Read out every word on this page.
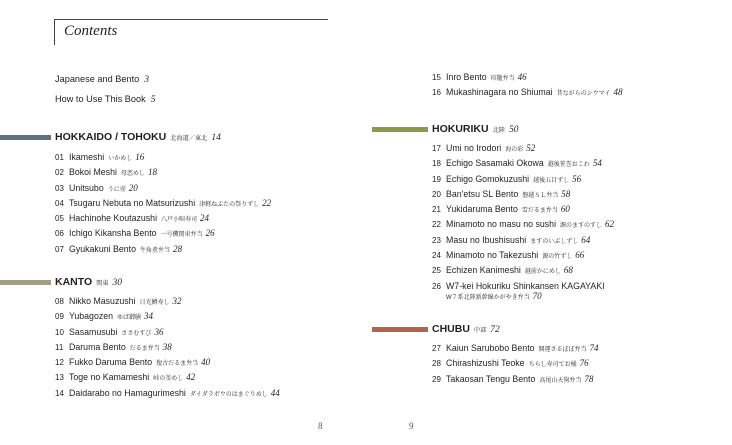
Contents
Japanese and Bento 3
How to Use This Book 5
HOKKAIDO / TOHOKU 北海道／東北 14
01 Ikameshi いかめし 16
02 Bokoi Meshi 母恋めし 18
03 Unitsubo うに壺 20
04 Tsugaru Nebuta no Matsurizushi 津軽ねぶたの祭りずし 22
05 Hachinohe Koutazushi 八戸小唄寿司 24
06 Ichigo Kikansha Bento 一号機関車弁当 26
07 Gyukakuni Bento 牛角煮弁当 28
KANTO 関東 30
08 Nikko Masuzushi 日光鱒寿し 32
09 Yubagozen ゆば御膳 34
10 Sasamusubi ささむすび 36
11 Daruma Bento だるま弁当 38
12 Fukko Daruma Bento 復古だるま弁当 40
13 Toge no Kamameshi 峠の釜めし 42
14 Daidarabo no Hamagurimeshi ダイダラボウのはまぐりめし 44
15 Inro Bento 印籠弁当 46
16 Mukashinagara no Shiumai 昔ながらのシウマイ 48
HOKURIKU 北陸 50
17 Umi no Irodori 海の彩 52
18 Echigo Sasamaki Okowa 越後笹巻おこわ 54
19 Echigo Gomokuzushi 越後五目ずし 56
20 Ban'etsu SL Bento 磐越ＳＬ弁当 58
21 Yukidaruma Bento 雪だるま弁当 60
22 Minamoto no masu no sushi 源のますのすし 62
23 Masu no Ibushisushi ますのいぶしずし 64
24 Minamoto no Takezushi 源の竹ずし 66
25 Echizen Kanimeshi 越前かにめし 68
26 W7-kei Hokuriku Shinkansen KAGAYAKI
W７系北陸新幹線かがやき弁当 70
CHUBU 中部 72
27 Kaiun Sarubobo Bento 開運さるぼぼ弁当 74
28 Chirashizushi Teoke ちらし寿司てお桶 76
29 Takaosan Tengu Bento 高尾山天狗弁当 78
8	9
